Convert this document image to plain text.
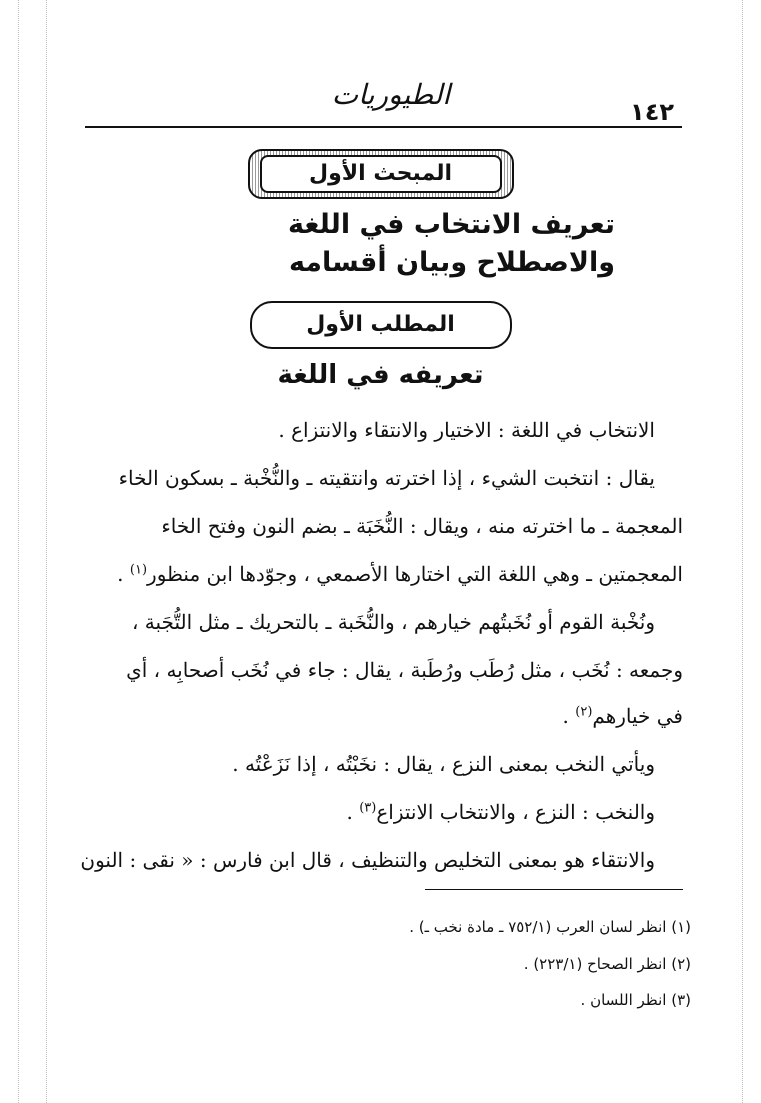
١٤٢
الطيوريات
المبحث الأول
تعريف الانتخاب في اللغة والاصطلاح وبيان أقسامه
المطلب الأول
تعريفه في اللغة
الانتخاب في اللغة : الاختيار والانتقاء والانتزاع .
يقال : انتخبت الشيء ، إذا اخترته وانتقيته ـ والنُّخْبة ـ بسكون الخاء
المعجمة ـ ما اخترته منه ، ويقال : النُّخَبَة ـ بضم النون وفتح الخاء
المعجمتين ـ وهي اللغة التي اختارها الأصمعي ، وجوّدها ابن منظور$^{(١)}$ .
ونُخْبة القوم أو نُخَبتُهم خيارهم ، والنُّخَبة ـ بالتحريك ـ مثل التُّجَبة ،
وجمعه : نُخَب ، مثل رُطَب ورُطَبة ، يقال : جاء في نُخَب أصحابِه ، أي
في خيارهم$^{(٢)}$ .
ويأتي النخب بمعنى النزع ، يقال : نخَبْتُه ، إذا نَزَعْتُه .
والنخب : النزع ، والانتخاب الانتزاع$^{(٣)}$ .
والانتقاء هو بمعنى التخليص والتنظيف ، قال ابن فارس : « نقى : النون
(١) انظر لسان العرب (٧٥٢/١ ـ مادة نخب ـ) .
(٢) انظر الصحاح (٢٢٣/١) .
(٣) انظر اللسان .
